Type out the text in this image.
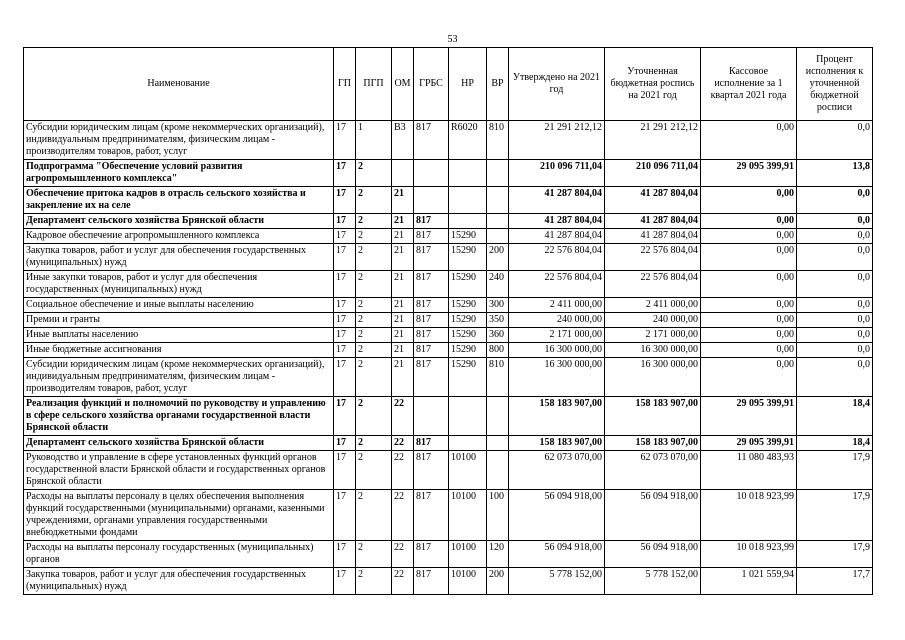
53
Наименование	ГП	ПГП	ОМ	ГРБС	НР	ВР	Утверждено на 2021 год	Уточненная бюджетная роспись на 2021 год	Кассовое исполнение за 1 квартал 2021 года	Процент исполнения к уточненной бюджетной росписи
Субсидии юридическим лицам (кроме некоммерческих организаций), индивидуальным предпринимателям, физическим лицам - производителям товаров, работ, услуг	17	1	В3	817	R6020	810	21 291 212,12	21 291 212,12	0,00	0,0
Подпрограмма "Обеспечение условий развития агропромышленного комплекса"	17	2					210 096 711,04	210 096 711,04	29 095 399,91	13,8
Обеспечение притока кадров в отрасль сельского хозяйства и закрепление их на селе	17	2	21				41 287 804,04	41 287 804,04	0,00	0,0
Департамент сельского хозяйства Брянской области	17	2	21	817			41 287 804,04	41 287 804,04	0,00	0,0
Кадровое обеспечение агропромышленного комплекса	17	2	21	817	15290		41 287 804,04	41 287 804,04	0,00	0,0
Закупка товаров, работ и услуг для обеспечения государственных (муниципальных) нужд	17	2	21	817	15290	200	22 576 804,04	22 576 804,04	0,00	0,0
Иные закупки товаров, работ и услуг для обеспечения государственных (муниципальных) нужд	17	2	21	817	15290	240	22 576 804,04	22 576 804,04	0,00	0,0
Социальное обеспечение и иные выплаты населению	17	2	21	817	15290	300	2 411 000,00	2 411 000,00	0,00	0,0
Премии и гранты	17	2	21	817	15290	350	240 000,00	240 000,00	0,00	0,0
Иные выплаты населению	17	2	21	817	15290	360	2 171 000,00	2 171 000,00	0,00	0,0
Иные бюджетные ассигнования	17	2	21	817	15290	800	16 300 000,00	16 300 000,00	0,00	0,0
Субсидии юридическим лицам (кроме некоммерческих организаций), индивидуальным предпринимателям, физическим лицам - производителям товаров, работ, услуг	17	2	21	817	15290	810	16 300 000,00	16 300 000,00	0,00	0,0
Реализация функций и полномочий по руководству и управлению в сфере сельского хозяйства органами государственной власти Брянской области	17	2	22				158 183 907,00	158 183 907,00	29 095 399,91	18,4
Департамент сельского хозяйства Брянской области	17	2	22	817			158 183 907,00	158 183 907,00	29 095 399,91	18,4
Руководство и управление в сфере установленных функций органов государственной власти Брянской области и государственных органов Брянской области	17	2	22	817	10100		62 073 070,00	62 073 070,00	11 080 483,93	17,9
Расходы на выплаты персоналу в целях обеспечения выполнения функций государственными (муниципальными) органами, казенными учреждениями, органами управления государственными внебюджетными фондами	17	2	22	817	10100	100	56 094 918,00	56 094 918,00	10 018 923,99	17,9
Расходы на выплаты персоналу государственных (муниципальных) органов	17	2	22	817	10100	120	56 094 918,00	56 094 918,00	10 018 923,99	17,9
Закупка товаров, работ и услуг для обеспечения государственных (муниципальных) нужд	17	2	22	817	10100	200	5 778 152,00	5 778 152,00	1 021 559,94	17,7
